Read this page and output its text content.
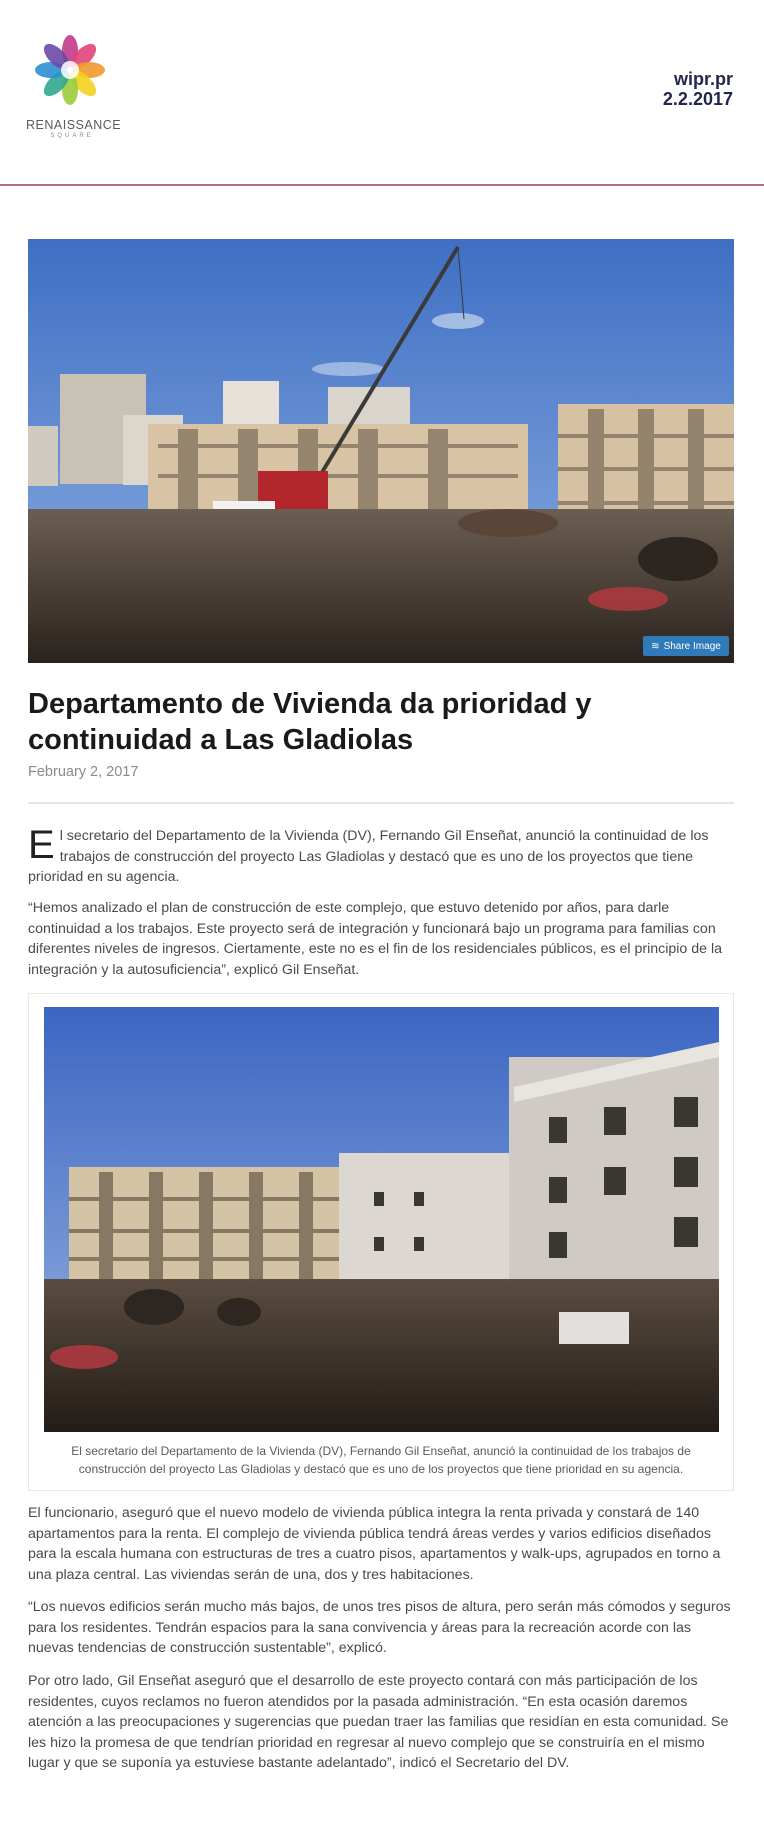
RENAISSANCE
SQUARE
wipr.pr
2.2.2017
≋ Share Image
Departamento de Vivienda da prioridad y continuidad a Las Gladiolas
February 2, 2017

El secretario del Departamento de la Vivienda (DV), Fernando Gil Enseñat, anunció la continuidad de los trabajos de construcción del proyecto Las Gladiolas y destacó que es uno de los proyectos que tiene prioridad en su agencia.

“Hemos analizado el plan de construcción de este complejo, que estuvo detenido por años, para darle continuidad a los trabajos. Este proyecto será de integración y funcionará bajo un programa para familias con diferentes niveles de ingresos. Ciertamente, este no es el fin de los residenciales públicos, es el principio de la integración y la autosuficiencia”, explicó Gil Enseñat.

El secretario del Departamento de la Vivienda (DV), Fernando Gil Enseñat, anunció la continuidad de los trabajos de construcción del proyecto Las Gladiolas y destacó que es uno de los proyectos que tiene prioridad en su agencia.

El funcionario, aseguró que el nuevo modelo de vivienda pública integra la renta privada y constará de 140 apartamentos para la renta. El complejo de vivienda pública tendrá áreas verdes y varios edificios diseñados para la escala humana con estructuras de tres a cuatro pisos, apartamentos y walk-ups, agrupados en torno a una plaza central. Las viviendas serán de una, dos y tres habitaciones.

“Los nuevos edificios serán mucho más bajos, de unos tres pisos de altura, pero serán más cómodos y seguros para los residentes. Tendrán espacios para la sana convivencia y áreas para la recreación acorde con las nuevas tendencias de construcción sustentable”, explicó.

Por otro lado, Gil Enseñat aseguró que el desarrollo de este proyecto contará con más participación de los residentes, cuyos reclamos no fueron atendidos por la pasada administración. “En esta ocasión daremos atención a las preocupaciones y sugerencias que puedan traer las familias que residían en esta comunidad. Se les hizo la promesa de que tendrían prioridad en regresar al nuevo complejo que se construiría en el mismo lugar y que se suponía ya estuviese bastante adelantado”, indicó el Secretario del DV.
